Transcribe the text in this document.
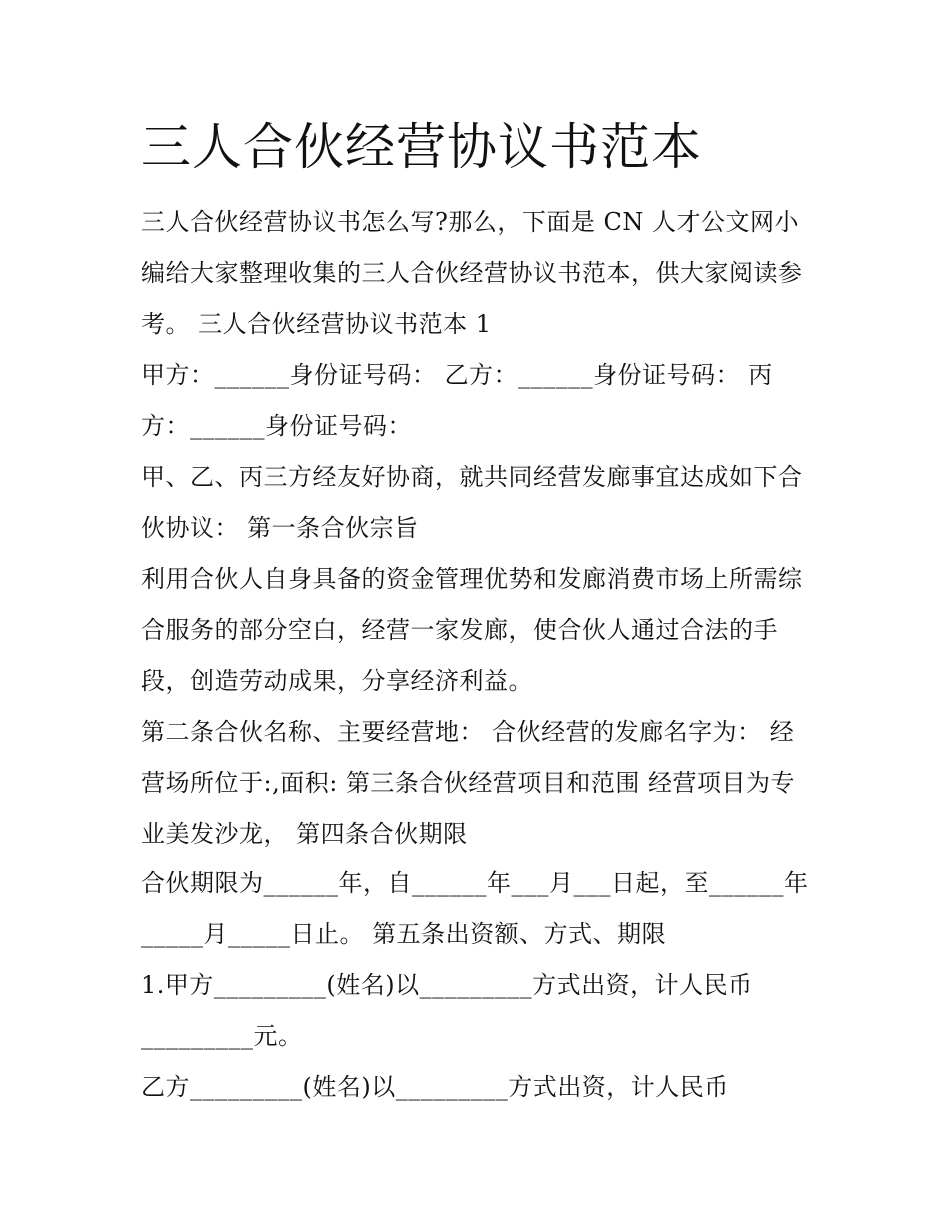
三人合伙经营协议书范本
三人合伙经营协议书怎么写?那么，下面是 CN 人才公文网小
编给大家整理收集的三人合伙经营协议书范本，供大家阅读参
考。 三人合伙经营协议书范本 1
甲方：______身份证号码： 乙方：______身份证号码： 丙
方：______身份证号码：
甲、乙、丙三方经友好协商，就共同经营发廊事宜达成如下合
伙协议： 第一条合伙宗旨
利用合伙人自身具备的资金管理优势和发廊消费市场上所需综
合服务的部分空白，经营一家发廊，使合伙人通过合法的手
段，创造劳动成果，分享经济利益。
第二条合伙名称、主要经营地： 合伙经营的发廊名字为： 经
营场所位于:,面积: 第三条合伙经营项目和范围 经营项目为专
业美发沙龙， 第四条合伙期限
合伙期限为______年，自______年___月___日起，至______年
_____月_____日止。 第五条出资额、方式、期限
1.甲方_________(姓名)以_________方式出资，计人民币
_________元。
乙方_________(姓名)以_________方式出资，计人民币
